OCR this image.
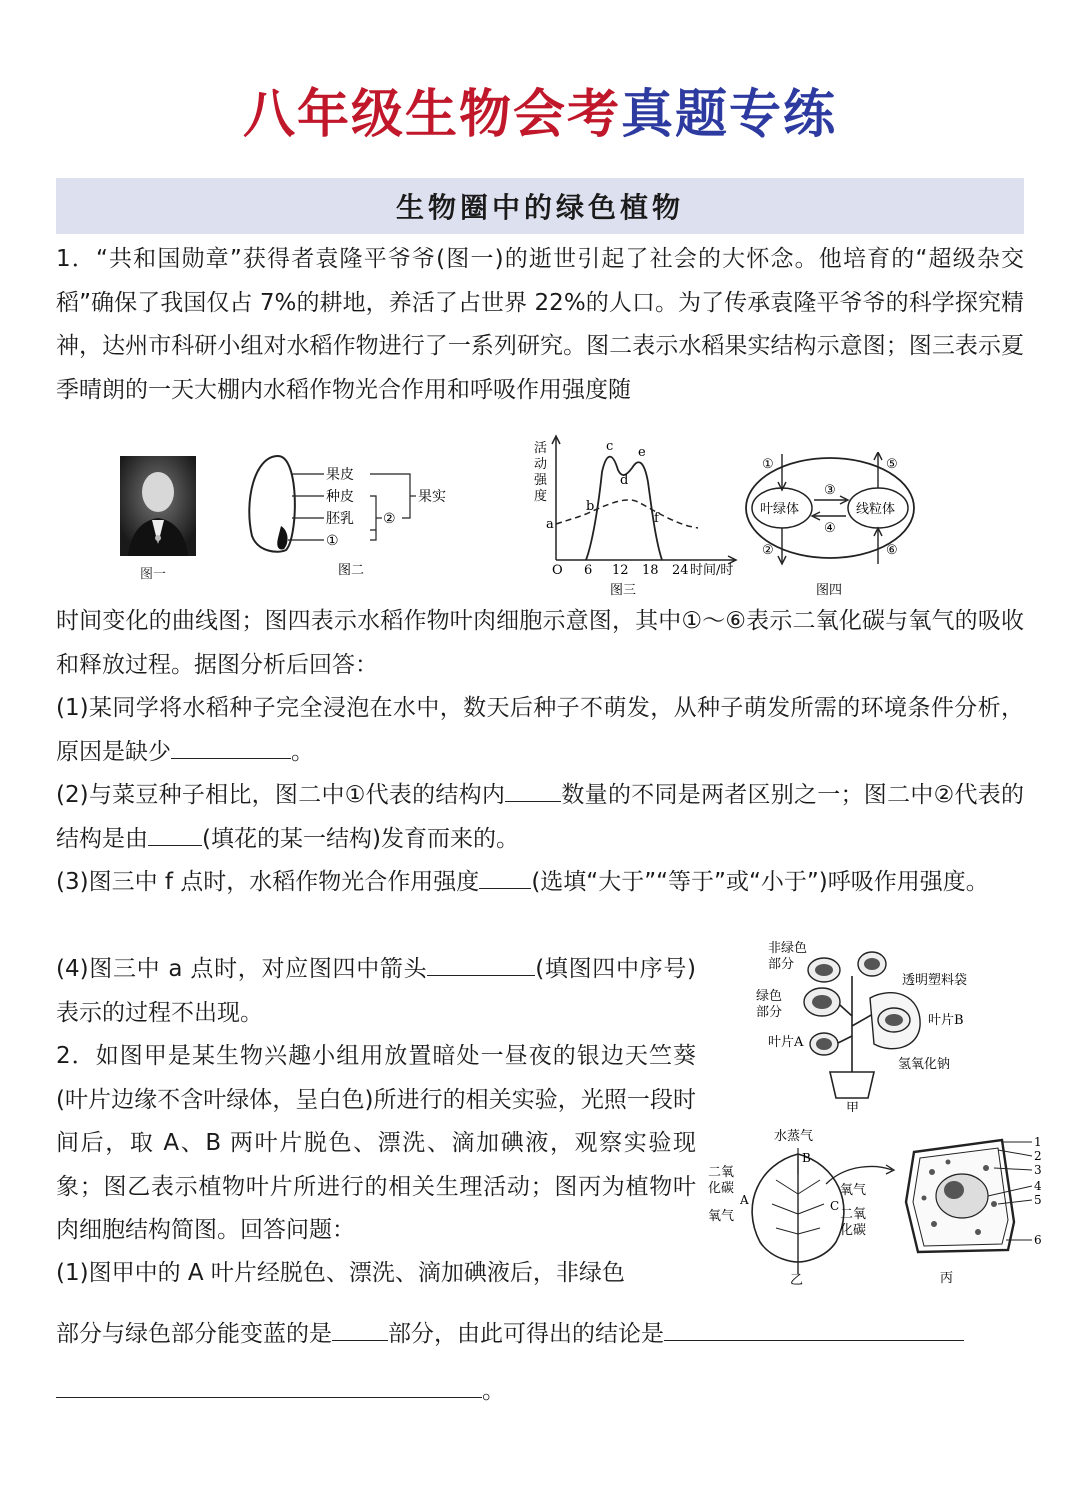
八年级生物会考真题专练
生物圈中的绿色植物
1．“共和国勋章”获得者袁隆平爷爷(图一)的逝世引起了社会的大怀念。他培育的“超级杂交稻”确保了我国仅占 7%的耕地，养活了占世界 22%的人口。为了传承袁隆平爷爷的科学探究精神，达州市科研小组对水稻作物进行了一系列研究。图二表示水稻果实结构示意图；图三表示夏季晴朗的一天大棚内水稻作物光合作用和呼吸作用强度随
图一
果皮
种皮
胚乳
①
②
果实
图二
活
动
强
度
a
b
c
d
e
f
O 6 12 18 24 时间/时
图三
叶绿体	线粒体
③
④
①
②
⑤
⑥
图四
时间变化的曲线图；图四表示水稻作物叶肉细胞示意图，其中①～⑥表示二氧化碳与氧气的吸收和释放过程。据图分析后回答：
(1)某同学将水稻种子完全浸泡在水中，数天后种子不萌发，从种子萌发所需的环境条件分析，原因是缺少	。
(2)与菜豆种子相比，图二中①代表的结构内 数量的不同是两者区别之一；图二中②代表的结构是由 (填花的某一结构)发育而来的。
(3)图三中 f 点时，水稻作物光合作用强度 (选填“大于”“等于”或“小于”)呼吸作用强度。
(4)图三中 a 点时，对应图四中箭头	(填图四中序号)表示的过程不出现。
2．如图甲是某生物兴趣小组用放置暗处一昼夜的银边天竺葵(叶片边缘不含叶绿体，呈白色)所进行的相关实验，光照一段时间后，取 A、B 两叶片脱色、漂洗、滴加碘液，观察实验现象；图乙表示植物叶片所进行的相关生理活动；图丙为植物叶肉细胞结构简图。回答问题：
(1)图甲中的 A 叶片经脱色、漂洗、滴加碘液后，非绿色
非绿色
部分
绿色
部分
叶片A
透明塑料袋
叶片B
氢氧化钠
甲
水蒸气
B
二氧
化碳
A
氧气
C
氧气
二氧
化碳
乙
1
2
3
4
5
6
丙
部分与绿色部分能变蓝的是 部分，由此可得出的结论是
。
